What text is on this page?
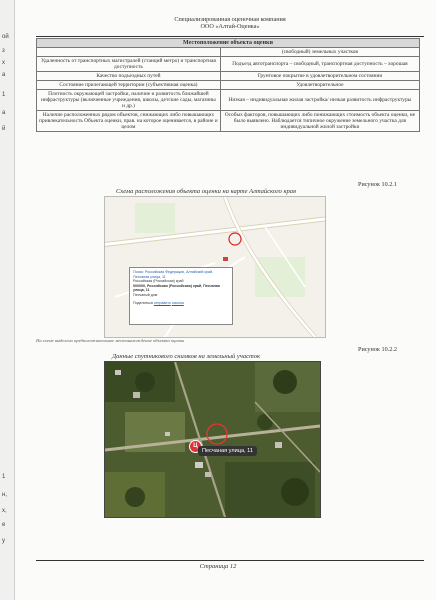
ой
з
х
а
1
а
й
1
н,
х,
е
у
Специализированная оценочная компания
ООО «Алтай-Оценка»
Местоположение объекта оценки	
	(свободный) земельных участков
Удаленность от транспортных магистралей (станций метро) и транспортная доступность	Подъезд автотранспорта – свободный, транспортная доступность – хорошая
Качество подъездных путей	Грунтовое покрытие в удовлетворительном состоянии
Состояние прилегающей территории (субъективная оценка)	Удовлетворительное
Плотность окружающей застройки, наличие и развитость ближайшей инфраструктуры (включенные учреждения, школы, детские сады, магазины и др.)	Низкая – индивидуальная жилая застройка/ низкая развитость инфраструктуры
Наличие расположенных рядом объектов, снижающих либо повышающих привлекательность Объекта оценки, прав. на которое оценивается, в районе и целом	Особых факторов, повышающих либо понижающих стоимость объекта оценки, не было выявлено. Наблюдается типичное окружение земельного участка для индивидуальной жилой застройки
Рисунок 10.2.1
Схема расположения объекта оценки на карте Алтайского края
Поиск: Российская Федерация, Алтайский край, Песчаная улица, 11
Российская (Российская) край
000000, Российская (Российская) край, Песчаная улица, 11
Песчаный дом
Поделиться отправить ссылка
На схеме выделено предположительное местонахождение объекта оценки
Рисунок 10.2.2
Данные спутникового снимков на земельный участок
Ц
Песчаная улица, 11
Страница 12
